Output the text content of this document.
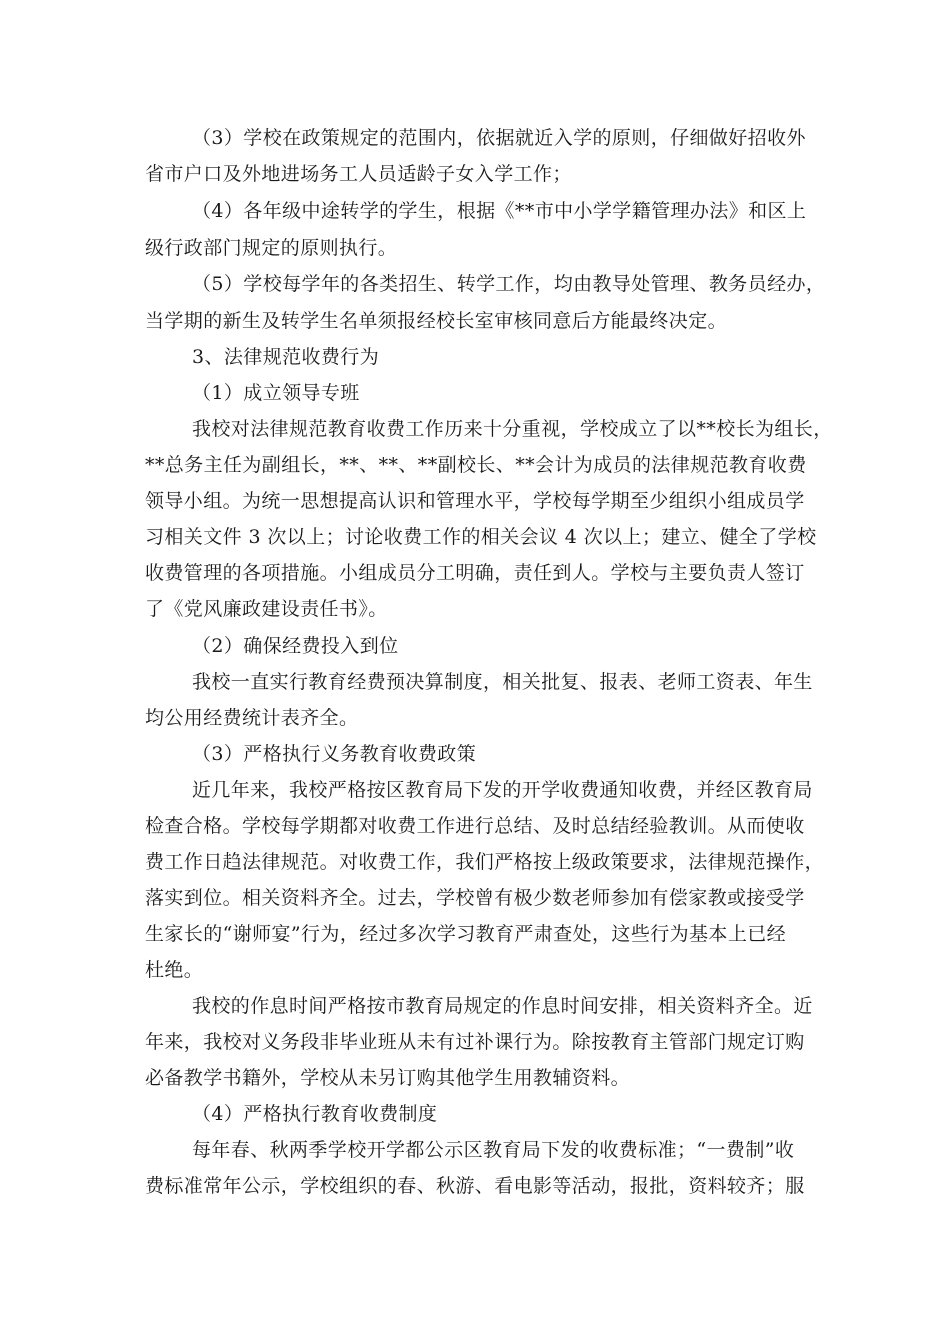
（3）学校在政策规定的范围内，依据就近入学的原则，仔细做好招收外
省市户口及外地进场务工人员适龄子女入学工作；
（4）各年级中途转学的学生，根据《**市中小学学籍管理办法》和区上
级行政部门规定的原则执行。
（5）学校每学年的各类招生、转学工作，均由教导处管理、教务员经办，
当学期的新生及转学生名单须报经校长室审核同意后方能最终决定。
3、法律规范收费行为
（1）成立领导专班
我校对法律规范教育收费工作历来十分重视，学校成立了以**校长为组长，
**总务主任为副组长，**、**、**副校长、**会计为成员的法律规范教育收费
领导小组。为统一思想提高认识和管理水平，学校每学期至少组织小组成员学
习相关文件 3 次以上；讨论收费工作的相关会议 4 次以上；建立、健全了学校
收费管理的各项措施。小组成员分工明确，责任到人。学校与主要负责人签订
了《党风廉政建设责任书》。
（2）确保经费投入到位
我校一直实行教育经费预决算制度，相关批复、报表、老师工资表、年生
均公用经费统计表齐全。
（3）严格执行义务教育收费政策
近几年来，我校严格按区教育局下发的开学收费通知收费，并经区教育局
检查合格。学校每学期都对收费工作进行总结、及时总结经验教训。从而使收
费工作日趋法律规范。对收费工作，我们严格按上级政策要求，法律规范操作，
落实到位。相关资料齐全。过去，学校曾有极少数老师参加有偿家教或接受学
生家长的“谢师宴”行为，经过多次学习教育严肃查处，这些行为基本上已经
杜绝。
我校的作息时间严格按市教育局规定的作息时间安排，相关资料齐全。近
年来，我校对义务段非毕业班从未有过补课行为。除按教育主管部门规定订购
必备教学书籍外，学校从未另订购其他学生用教辅资料。
（4）严格执行教育收费制度
每年春、秋两季学校开学都公示区教育局下发的收费标准；“一费制”收
费标准常年公示，学校组织的春、秋游、看电影等活动，报批，资料较齐；服
